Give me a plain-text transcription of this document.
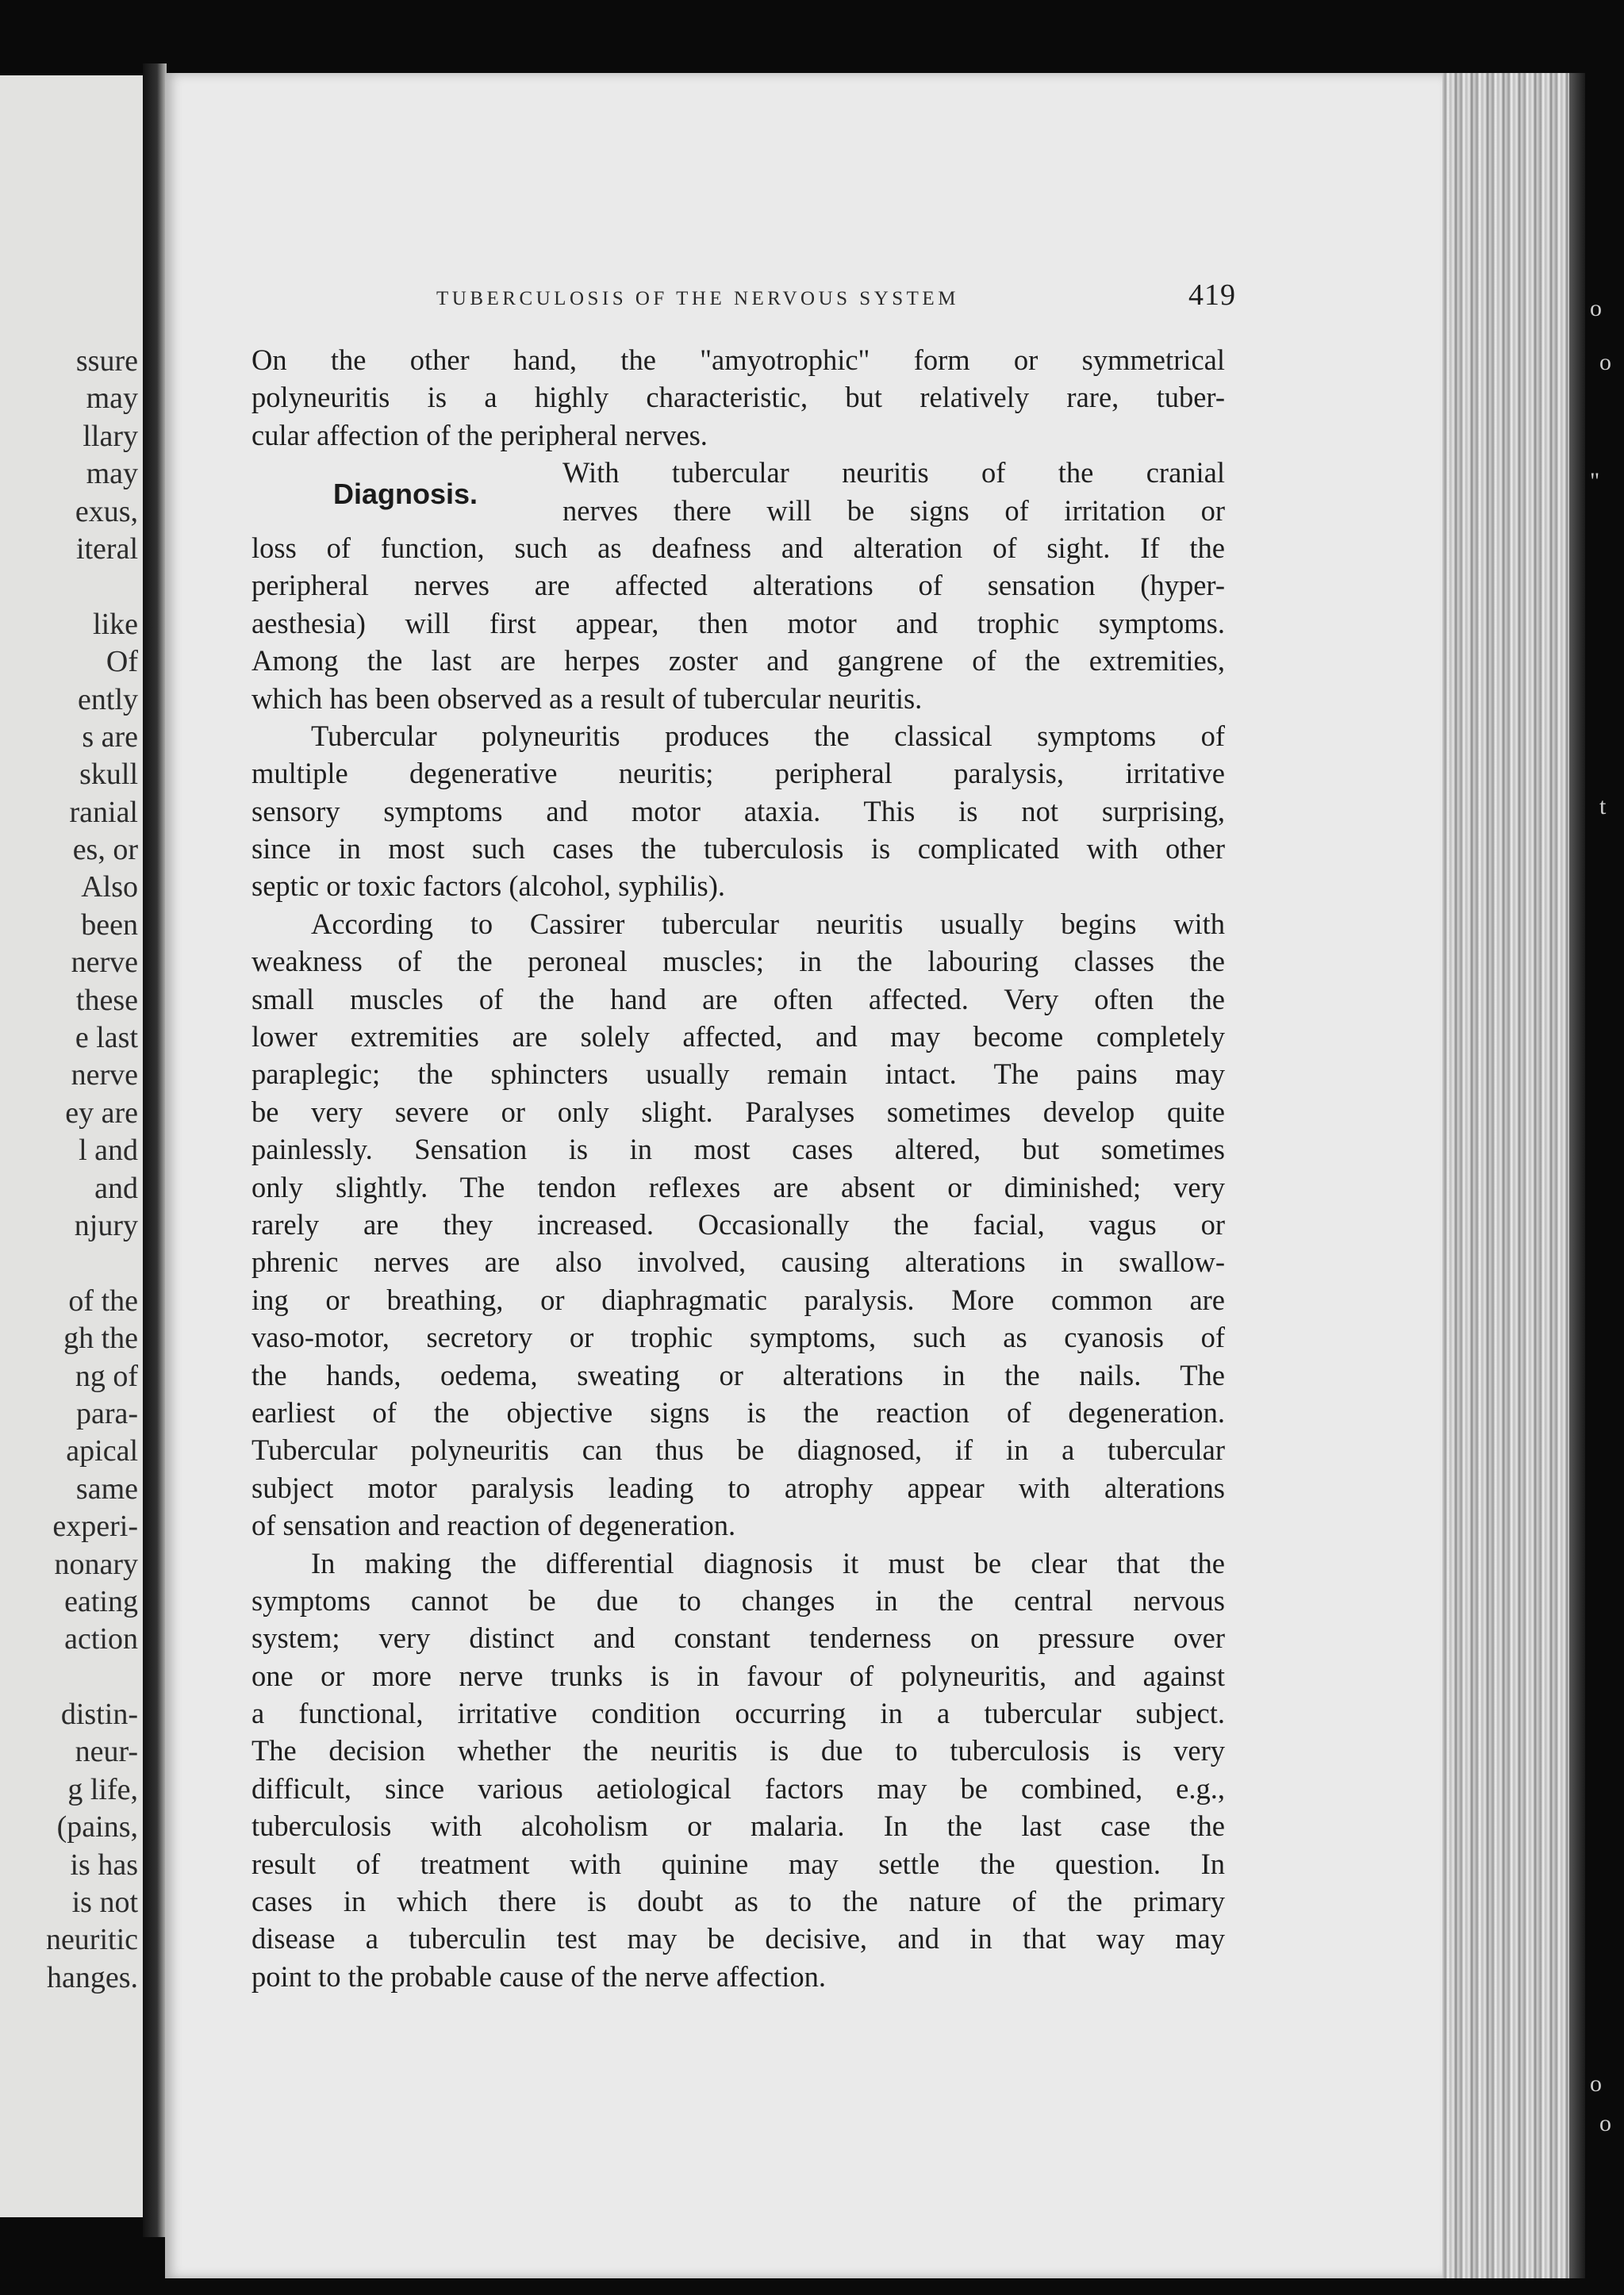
ssure
may
llary
may
exus,
iteral

like
Of
ently
s are
skull
ranial
es, or
Also
been
nerve
these
e last
nerve
ey are
l and
and
njury

of the
gh the
ng of
para-
apical
same
experi-
nonary
eating
action

distin-
neur-
g life,
(pains,
is has
is not
neuritic
hanges.
o
o
"
t
o
o
TUBERCULOSIS OF THE NERVOUS SYSTEM	419
Diagnosis.
On the other hand, the "amyotrophic" form or symmetrical
polyneuritis is a highly characteristic, but relatively rare, tuber-
cular affection of the peripheral nerves.
With tubercular neuritis of the cranial
nerves there will be signs of irritation or
loss of function, such as deafness and alteration of sight. If the
peripheral nerves are affected alterations of sensation (hyper-
aesthesia) will first appear, then motor and trophic symptoms.
Among the last are herpes zoster and gangrene of the extremities,
which has been observed as a result of tubercular neuritis.
Tubercular polyneuritis produces the classical symptoms of
multiple degenerative neuritis; peripheral paralysis, irritative
sensory symptoms and motor ataxia. This is not surprising,
since in most such cases the tuberculosis is complicated with other
septic or toxic factors (alcohol, syphilis).
According to Cassirer tubercular neuritis usually begins with
weakness of the peroneal muscles; in the labouring classes the
small muscles of the hand are often affected. Very often the
lower extremities are solely affected, and may become completely
paraplegic; the sphincters usually remain intact. The pains may
be very severe or only slight. Paralyses sometimes develop quite
painlessly. Sensation is in most cases altered, but sometimes
only slightly. The tendon reflexes are absent or diminished; very
rarely are they increased. Occasionally the facial, vagus or
phrenic nerves are also involved, causing alterations in swallow-
ing or breathing, or diaphragmatic paralysis. More common are
vaso-motor, secretory or trophic symptoms, such as cyanosis of
the hands, oedema, sweating or alterations in the nails. The
earliest of the objective signs is the reaction of degeneration.
Tubercular polyneuritis can thus be diagnosed, if in a tubercular
subject motor paralysis leading to atrophy appear with alterations
of sensation and reaction of degeneration.
In making the differential diagnosis it must be clear that the
symptoms cannot be due to changes in the central nervous
system; very distinct and constant tenderness on pressure over
one or more nerve trunks is in favour of polyneuritis, and against
a functional, irritative condition occurring in a tubercular subject.
The decision whether the neuritis is due to tuberculosis is very
difficult, since various aetiological factors may be combined, e.g.,
tuberculosis with alcoholism or malaria. In the last case the
result of treatment with quinine may settle the question. In
cases in which there is doubt as to the nature of the primary
disease a tuberculin test may be decisive, and in that way may
point to the probable cause of the nerve affection.
